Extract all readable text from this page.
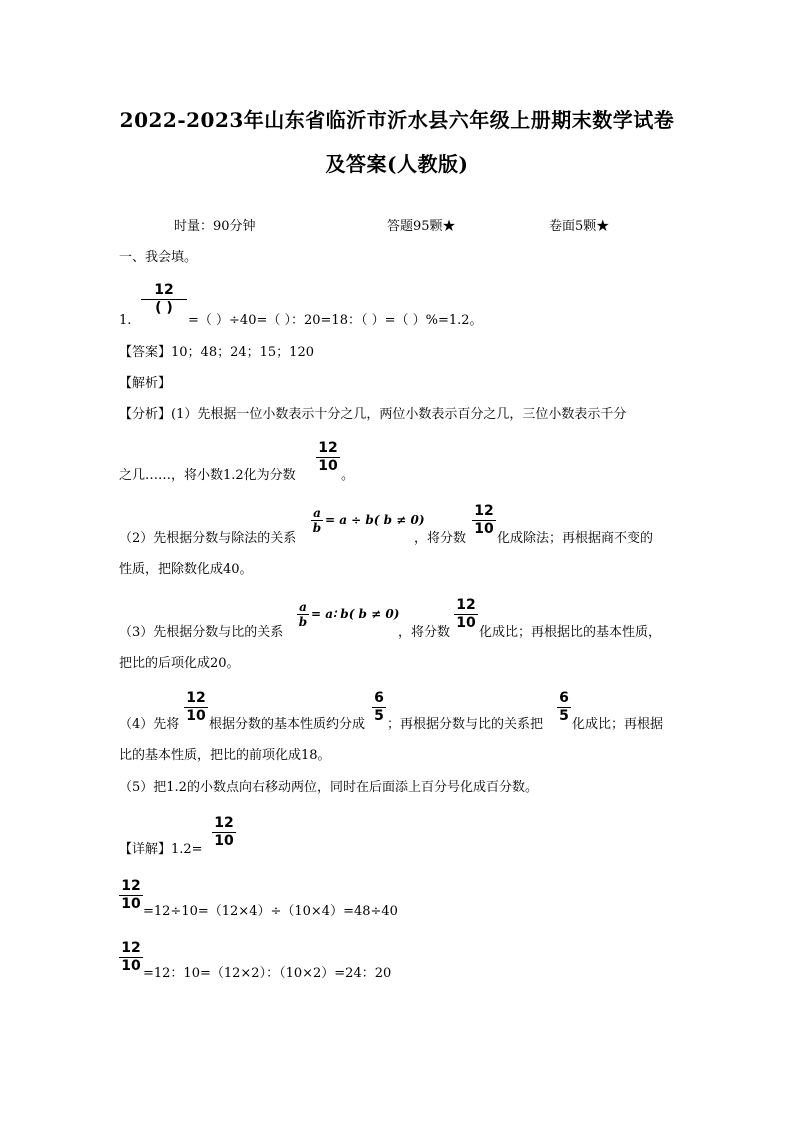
2022-2023年山东省临沂市沂水县六年级上册期末数学试卷
及答案(人教版)
时量：90分钟	答题95颗★	卷面5颗★
一、我会填。
1.
12
( )
=（ ）÷40=（ ）：20=18：（ ）=（ ）%=1.2。
【答案】10；48；24；15；120
【解析】
【分析】(1）先根据一位小数表示十分之几，两位小数表示百分之几，三位小数表示千分
之几……，将小数1.2化为分数
12
10
。
（2）先根据分数与除法的关系
a
b
= a ÷ b( b ≠ 0)
，将分数
12
10
化成除法；再根据商不变的
性质，把除数化成40。
（3）先根据分数与比的关系
a
b
= a∶ b( b ≠ 0)
，将分数
12
10
化成比；再根据比的基本性质，
把比的后项化成20。
（4）先将
12
10
根据分数的基本性质约分成
6
5
；再根据分数与比的关系把
6
5
化成比；再根据
比的基本性质，把比的前项化成18。
（5）把1.2的小数点向右移动两位，同时在后面添上百分号化成百分数。
【详解】1.2=
12
10
12
10 =12÷10=（12×4）÷（10×4）=48÷40
12
10 =12：10=（12×2）：（10×2）=24：20
